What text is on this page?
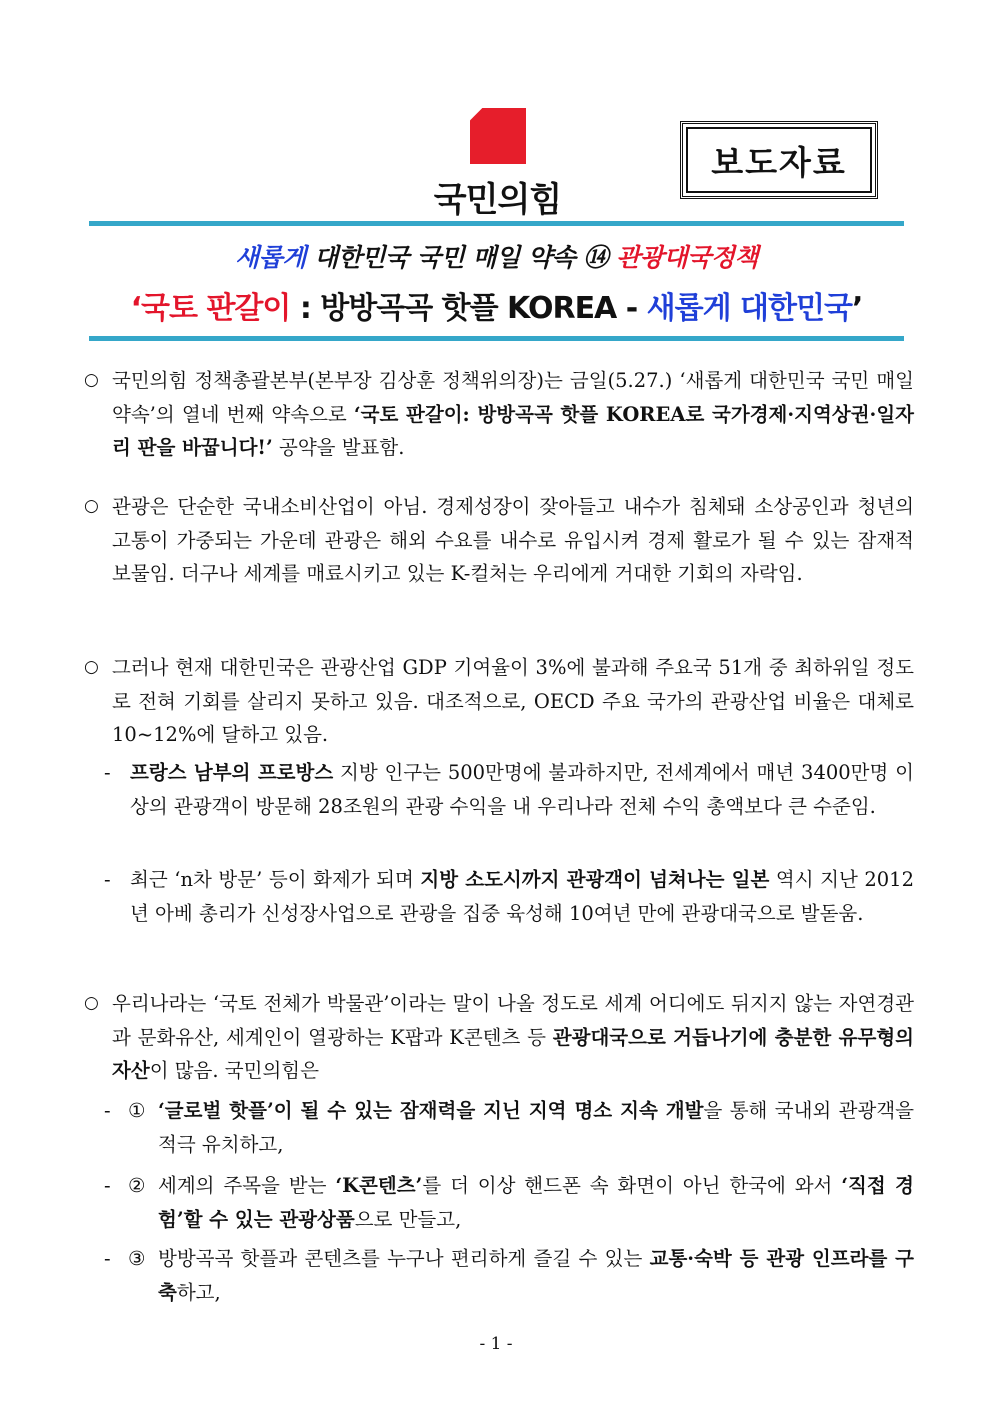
국민의힘
보도자료
새롭게 대한민국 국민 매일 약속 ⑭ 관광대국정책
‘국토 판갈이 : 방방곡곡 핫플 KOREA - 새롭게 대한민국’
○ 국민의힘 정책총괄본부(본부장 김상훈 정책위의장)는 금일(5.27.) ‘새롭게 대한민국 국민 매일 약속’의 열네 번째 약속으로 ‘국토 판갈이: 방방곡곡 핫플 KOREA로 국가경제·지역상권·일자리 판을 바꿉니다!’ 공약을 발표함.
○ 관광은 단순한 국내소비산업이 아님. 경제성장이 잦아들고 내수가 침체돼 소상공인과 청년의 고통이 가중되는 가운데 관광은 해외 수요를 내수로 유입시켜 경제 활로가 될 수 있는 잠재적 보물임. 더구나 세계를 매료시키고 있는 K-컬처는 우리에게 거대한 기회의 자락임.
○ 그러나 현재 대한민국은 관광산업 GDP 기여율이 3%에 불과해 주요국 51개 중 최하위일 정도로 전혀 기회를 살리지 못하고 있음. 대조적으로, OECD 주요 국가의 관광산업 비율은 대체로 10~12%에 달하고 있음.
- 프랑스 남부의 프로방스 지방 인구는 500만명에 불과하지만, 전세계에서 매년 3400만명 이상의 관광객이 방문해 28조원의 관광 수익을 내 우리나라 전체 수익 총액보다 큰 수준임.
- 최근 ‘n차 방문’ 등이 화제가 되며 지방 소도시까지 관광객이 넘쳐나는 일본 역시 지난 2012년 아베 총리가 신성장사업으로 관광을 집중 육성해 10여년 만에 관광대국으로 발돋움.
○ 우리나라는 ‘국토 전체가 박물관’이라는 말이 나올 정도로 세계 어디에도 뒤지지 않는 자연경관과 문화유산, 세계인이 열광하는 K팝과 K콘텐츠 등 관광대국으로 거듭나기에 충분한 유무형의 자산이 많음. 국민의힘은
- ① ‘글로벌 핫플’이 될 수 있는 잠재력을 지닌 지역 명소 지속 개발을 통해 국내외 관광객을 적극 유치하고,
- ② 세계의 주목을 받는 ‘K콘텐츠’를 더 이상 핸드폰 속 화면이 아닌 한국에 와서 ‘직접 경험’할 수 있는 관광상품으로 만들고,
- ③ 방방곡곡 핫플과 콘텐츠를 누구나 편리하게 즐길 수 있는 교통·숙박 등 관광 인프라를 구축하고,
- 1 -
